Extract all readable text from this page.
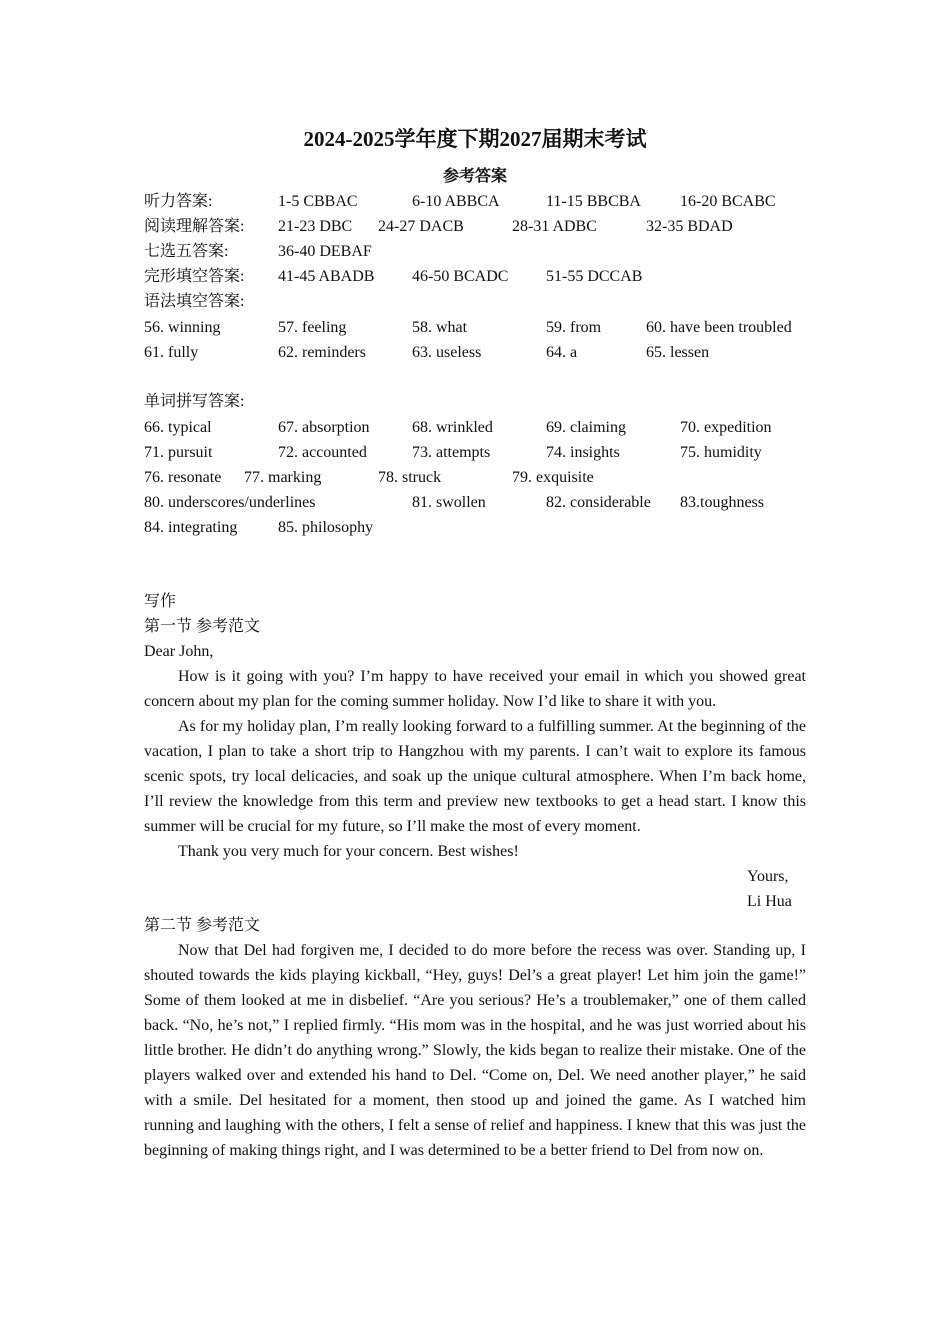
2024-2025学年度下期2027届期末考试
参考答案
听力答案:	1-5 CBBAC	6-10 ABBCA	11-15 BBCBA 16-20 BCABC
阅读理解答案: 21-23 DBC 24-27 DACB	28-31 ADBC	32-35 BDAD
七选五答案:	36-40 DEBAF
完形填空答案: 41-45 ABADB 46-50 BCADC 51-55 DCCAB
语法填空答案:
56. winning	57. feeling	58. what	59. from	60. have been troubled
61. fully	62. reminders	63. useless	64. a	65. lessen
单词拼写答案:
66. typical	67. absorption	68. wrinkled	69. claiming	70. expedition
71. pursuit	72. accounted	73. attempts	74. insights	75. humidity
76. resonate 77. marking	78. struck	79. exquisite
80. underscores/underlines	81. swollen	82. considerable 83.toughness
84. integrating	85. philosophy
写作
第一节 参考范文
Dear John,
How is it going with you? I’m happy to have received your email in which you showed great concern about my plan for the coming summer holiday. Now I’d like to share it with you.
As for my holiday plan, I’m really looking forward to a fulfilling summer. At the beginning of the vacation, I plan to take a short trip to Hangzhou with my parents. I can’t wait to explore its famous scenic spots, try local delicacies, and soak up the unique cultural atmosphere. When I’m back home, I’ll review the knowledge from this term and preview new textbooks to get a head start. I know this summer will be crucial for my future, so I’ll make the most of every moment.
Thank you very much for your concern. Best wishes!
Yours,
Li Hua
第二节 参考范文
Now that Del had forgiven me, I decided to do more before the recess was over. Standing up, I shouted towards the kids playing kickball, “Hey, guys! Del’s a great player! Let him join the game!” Some of them looked at me in disbelief. “Are you serious? He’s a troublemaker,” one of them called back. “No, he’s not,” I replied firmly. “His mom was in the hospital, and he was just worried about his little brother. He didn’t do anything wrong.” Slowly, the kids began to realize their mistake. One of the players walked over and extended his hand to Del. “Come on, Del. We need another player,” he said with a smile. Del hesitated for a moment, then stood up and joined the game. As I watched him running and laughing with the others, I felt a sense of relief and happiness. I knew that this was just the beginning of making things right, and I was determined to be a better friend to Del from now on.
